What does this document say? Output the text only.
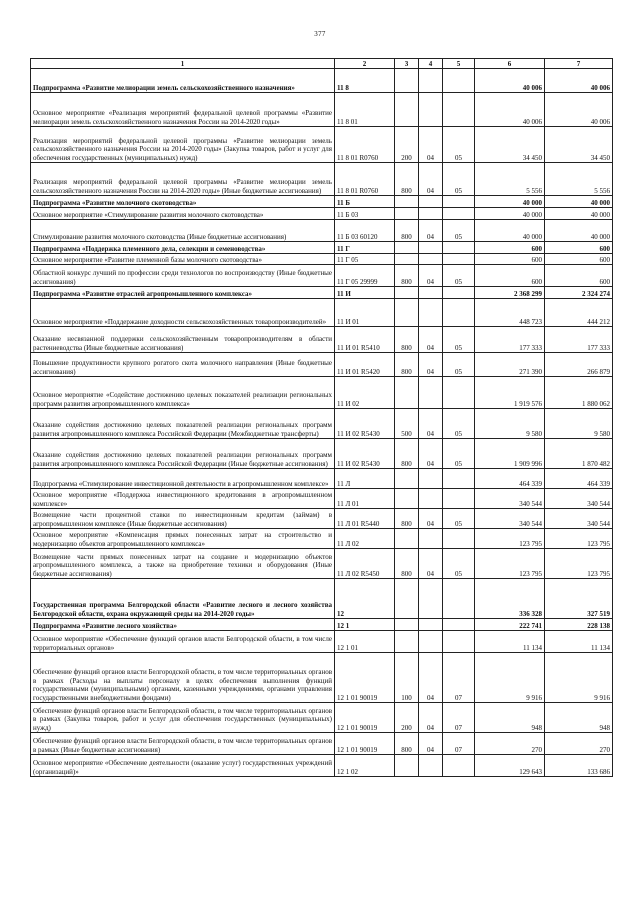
377
1	2	3	4	5	6	7
Подпрограмма «Развитие мелиорации земель сельскохозяйственного назначения»	11 8				40 006	40 006
Основное мероприятие «Реализация мероприятий федеральной целевой программы «Развитие мелиорации земель сельскохозяйственного назначения России на 2014-2020 годы»	11 8 01				40 006	40 006
Реализация мероприятий федеральной целевой программы «Развитие мелиорации земель сельскохозяйственного назначения России на 2014-2020 годы» (Закупка товаров, работ и услуг для обеспечения государственных (муниципальных) нужд)	11 8 01 R0760	200	04	05	34 450	34 450
Реализация мероприятий федеральной целевой программы «Развитие мелиорации земель сельскохозяйственного назначения России на 2014-2020 годы» (Иные бюджетные ассигнования)	11 8 01 R0760	800	04	05	5 556	5 556
Подпрограмма «Развитие молочного скотоводства»	11 Б				40 000	40 000
Основное мероприятие «Стимулирование развития молочного скотоводства»	11 Б 03				40 000	40 000
Стимулирование развития молочного скотоводства (Иные бюджетные ассигнования)	11 Б 03 60120	800	04	05	40 000	40 000
Подпрограмма «Поддержка племенного дела, селекции и семеноводства»	11 Г				600	600
Основное мероприятие «Развитие племенной базы молочного скотоводства»	11 Г 05				600	600
Областной конкурс лучший по профессии среди технологов по воспроизводству (Иные бюджетные ассигнования)	11 Г 05 29999	800	04	05	600	600
Подпрограмма «Развитие отраслей агропромышленного комплекса»	11 И				2 368 299	2 324 274
Основное мероприятие «Поддержание доходности сельскохозяйственных товаропроизводителей»	11 И 01				448 723	444 212
Оказание несвязанной поддержки сельскохозяйственным товаропроизводителям в области растениеводства (Иные бюджетные ассигнования)	11 И 01 R5410	800	04	05	177 333	177 333
Повышение продуктивности крупного рогатого скота молочного направления (Иные бюджетные ассигнования)	11 И 01 R5420	800	04	05	271 390	266 879
Основное мероприятие «Содействие достижению целевых показателей реализации региональных программ развития агропромышленного комплекса»	11 И 02				1 919 576	1 880 062
Оказание содействия достижению целевых показателей реализации региональных программ развития агропромышленного комплекса Российской Федерации (Межбюджетные трансферты)	11 И 02 R5430	500	04	05	9 580	9 580
Оказание содействия достижению целевых показателей реализации региональных программ развития агропромышленного комплекса Российской Федерации (Иные бюджетные ассигнования)	11 И 02 R5430	800	04	05	1 909 996	1 870 482
Подпрограмма «Стимулирование инвестиционной деятельности в агропромышленном комплексе»	11 Л				464 339	464 339
Основное мероприятие «Поддержка инвестиционного кредитования в агропромышленном комплексе»	11 Л 01				340 544	340 544
Возмещение части процентной ставки по инвестиционным кредитам (займам) в агропромышленном комплексе (Иные бюджетные ассигнования)	11 Л 01 R5440	800	04	05	340 544	340 544
Основное мероприятие «Компенсация прямых понесенных затрат на строительство и модернизацию объектов агропромышленного комплекса»	11 Л 02				123 795	123 795
Возмещение части прямых понесенных затрат на создание и модернизацию объектов агропромышленного комплекса, а также на приобретение техники и оборудования (Иные бюджетные ассигнования)	11 Л 02 R5450	800	04	05	123 795	123 795
Государственная программа Белгородской области «Развитие лесного и лесного хозяйства Белгородской области, охрана окружающей среды на 2014-2020 годы»	12				336 328	327 519
Подпрограмма «Развитие лесного хозяйства»	12 1				222 741	228 138
Основное мероприятие «Обеспечение функций органов власти Белгородской области, в том числе территориальных органов»	12 1 01				11 134	11 134
Обеспечение функций органов власти Белгородской области, в том числе территориальных органов в рамках (Расходы на выплаты персоналу в целях обеспечения выполнения функций государственными (муниципальными) органами, казенными учреждениями, органами управления государственными внебюджетными фондами)	12 1 01 90019	100	04	07	9 916	9 916
Обеспечение функций органов власти Белгородской области, в том числе территориальных органов в рамках (Закупка товаров, работ и услуг для обеспечения государственных (муниципальных) нужд)	12 1 01 90019	200	04	07	948	948
Обеспечение функций органов власти Белгородской области, в том числе территориальных органов в рамках (Иные бюджетные ассигнования)	12 1 01 90019	800	04	07	270	270
Основное мероприятие «Обеспечение деятельности (оказание услуг) государственных учреждений (организаций)»	12 1 02				129 643	133 686
